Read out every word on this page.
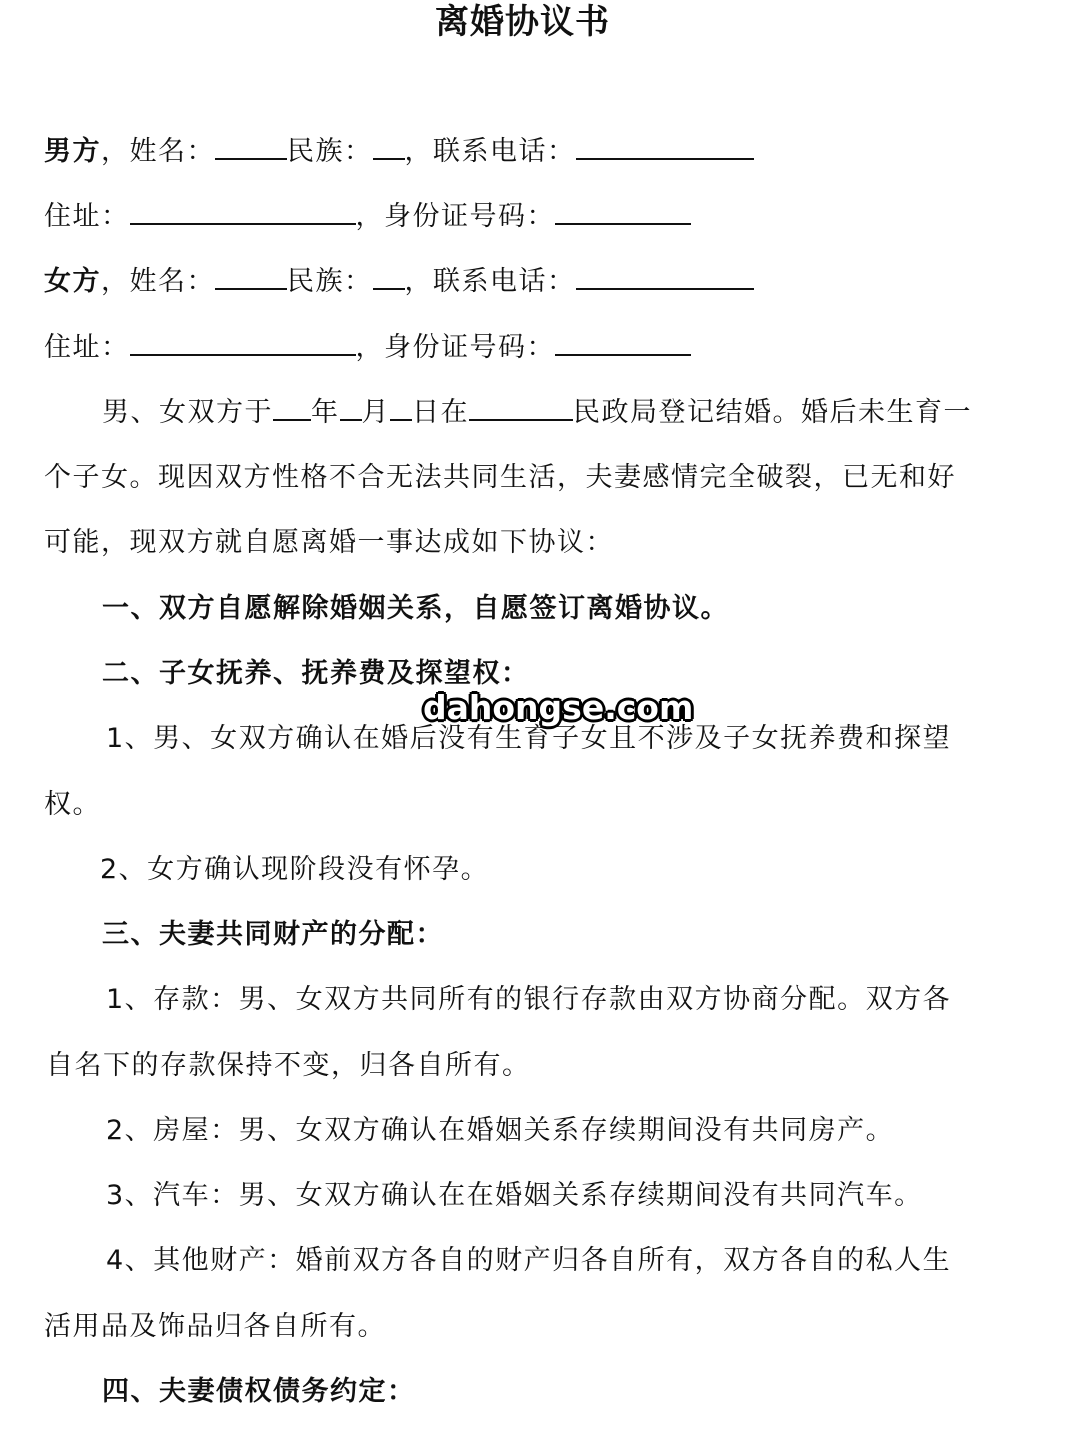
离婚协议书
男方，姓名：	民族： ，联系电话：
住址：	，身份证号码：
女方，姓名：	民族： ，联系电话：
住址：	，身份证号码：
男、女双方于 年 月 日在	民政局登记结婚。婚后未生育一
个子女。现因双方性格不合无法共同生活，夫妻感情完全破裂，已无和好
可能，现双方就自愿离婚一事达成如下协议：
一、双方自愿解除婚姻关系，自愿签订离婚协议。
二、子女抚养、抚养费及探望权：
1、男、女双方确认在婚后没有生育子女且不涉及子女抚养费和探望
权。
2、女方确认现阶段没有怀孕。
三、夫妻共同财产的分配：
1、存款：男、女双方共同所有的银行存款由双方协商分配。双方各
自名下的存款保持不变，归各自所有。
2、房屋：男、女双方确认在婚姻关系存续期间没有共同房产。
3、汽车：男、女双方确认在在婚姻关系存续期间没有共同汽车。
4、其他财产：婚前双方各自的财产归各自所有，双方各自的私人生
活用品及饰品归各自所有。
四、夫妻债权债务约定：
dahongse.com
